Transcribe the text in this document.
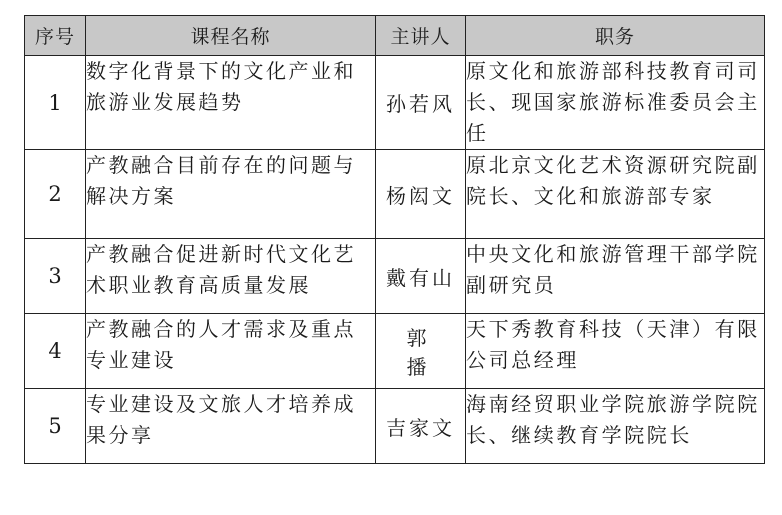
序号	课程名称	主讲人	职务
1	数字化背景下的文化产业和旅游业发展趋势	孙若风	原文化和旅游部科技教育司司长、现国家旅游标准委员会主任

2	产教融合目前存在的问题与解决方案	杨闳文	原北京文化艺术资源研究院副院长、文化和旅游部专家

3	产教融合促进新时代文化艺术职业教育高质量发展	戴有山	中央文化和旅游管理干部学院副研究员

4	产教融合的人才需求及重点专业建设	郭 播	天下秀教育科技（天津）有限公司总经理

5	专业建设及文旅人才培养成果分享	吉家文	海南经贸职业学院旅游学院院长、继续教育学院院长
